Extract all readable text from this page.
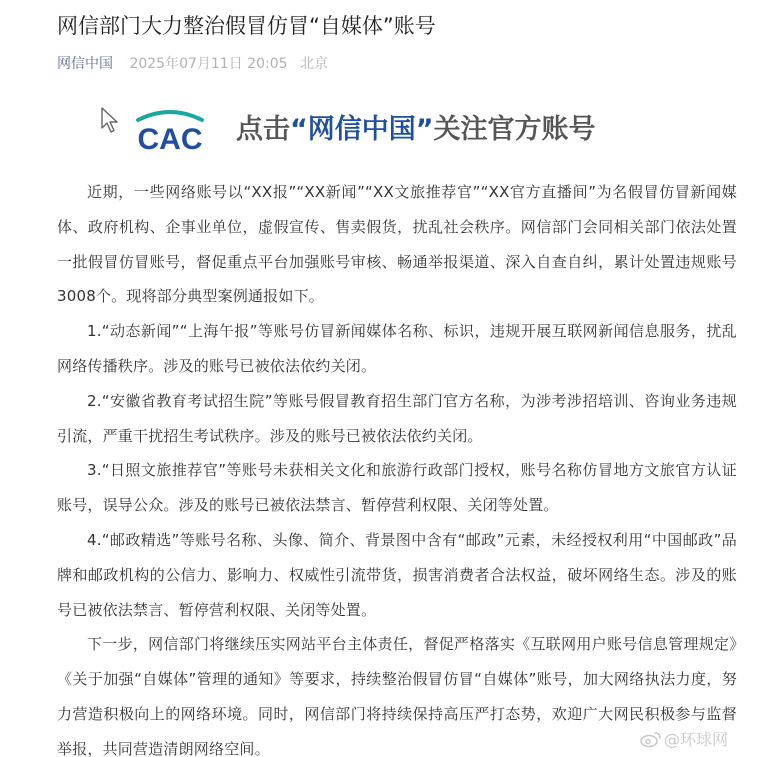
网信部门大力整治假冒仿冒“自媒体”账号
网信中国 2025年07月11日 20:05 北京
CAC 点击“网信中国”关注官方账号

近期，一些网络账号以“XX报”“XX新闻”“XX文旅推荐官”“XX官方直播间”为名假冒仿冒新闻媒体、政府机构、企事业单位，虚假宣传、售卖假货，扰乱社会秩序。网信部门会同相关部门依法处置一批假冒仿冒账号，督促重点平台加强账号审核、畅通举报渠道、深入自查自纠，累计处置违规账号3008个。现将部分典型案例通报如下。

1.“动态新闻”“上海午报”等账号仿冒新闻媒体名称、标识，违规开展互联网新闻信息服务，扰乱网络传播秩序。涉及的账号已被依法依约关闭。

2.“安徽省教育考试招生院”等账号假冒教育招生部门官方名称，为涉考涉招培训、咨询业务违规引流，严重干扰招生考试秩序。涉及的账号已被依法依约关闭。

3.“日照文旅推荐官”等账号未获相关文化和旅游行政部门授权，账号名称仿冒地方文旅官方认证账号，误导公众。涉及的账号已被依法禁言、暂停营利权限、关闭等处置。

4.“邮政精选”等账号名称、头像、简介、背景图中含有“邮政”元素，未经授权利用“中国邮政”品牌和邮政机构的公信力、影响力、权威性引流带货，损害消费者合法权益，破坏网络生态。涉及的账号已被依法禁言、暂停营利权限、关闭等处置。

下一步，网信部门将继续压实网站平台主体责任，督促严格落实《互联网用户账号信息管理规定》《关于加强“自媒体”管理的通知》等要求，持续整治假冒仿冒“自媒体”账号，加大网络执法力度，努力营造积极向上的网络环境。同时，网信部门将持续保持高压严打态势，欢迎广大网民积极参与监督举报，共同营造清朗网络空间。	@环球网
